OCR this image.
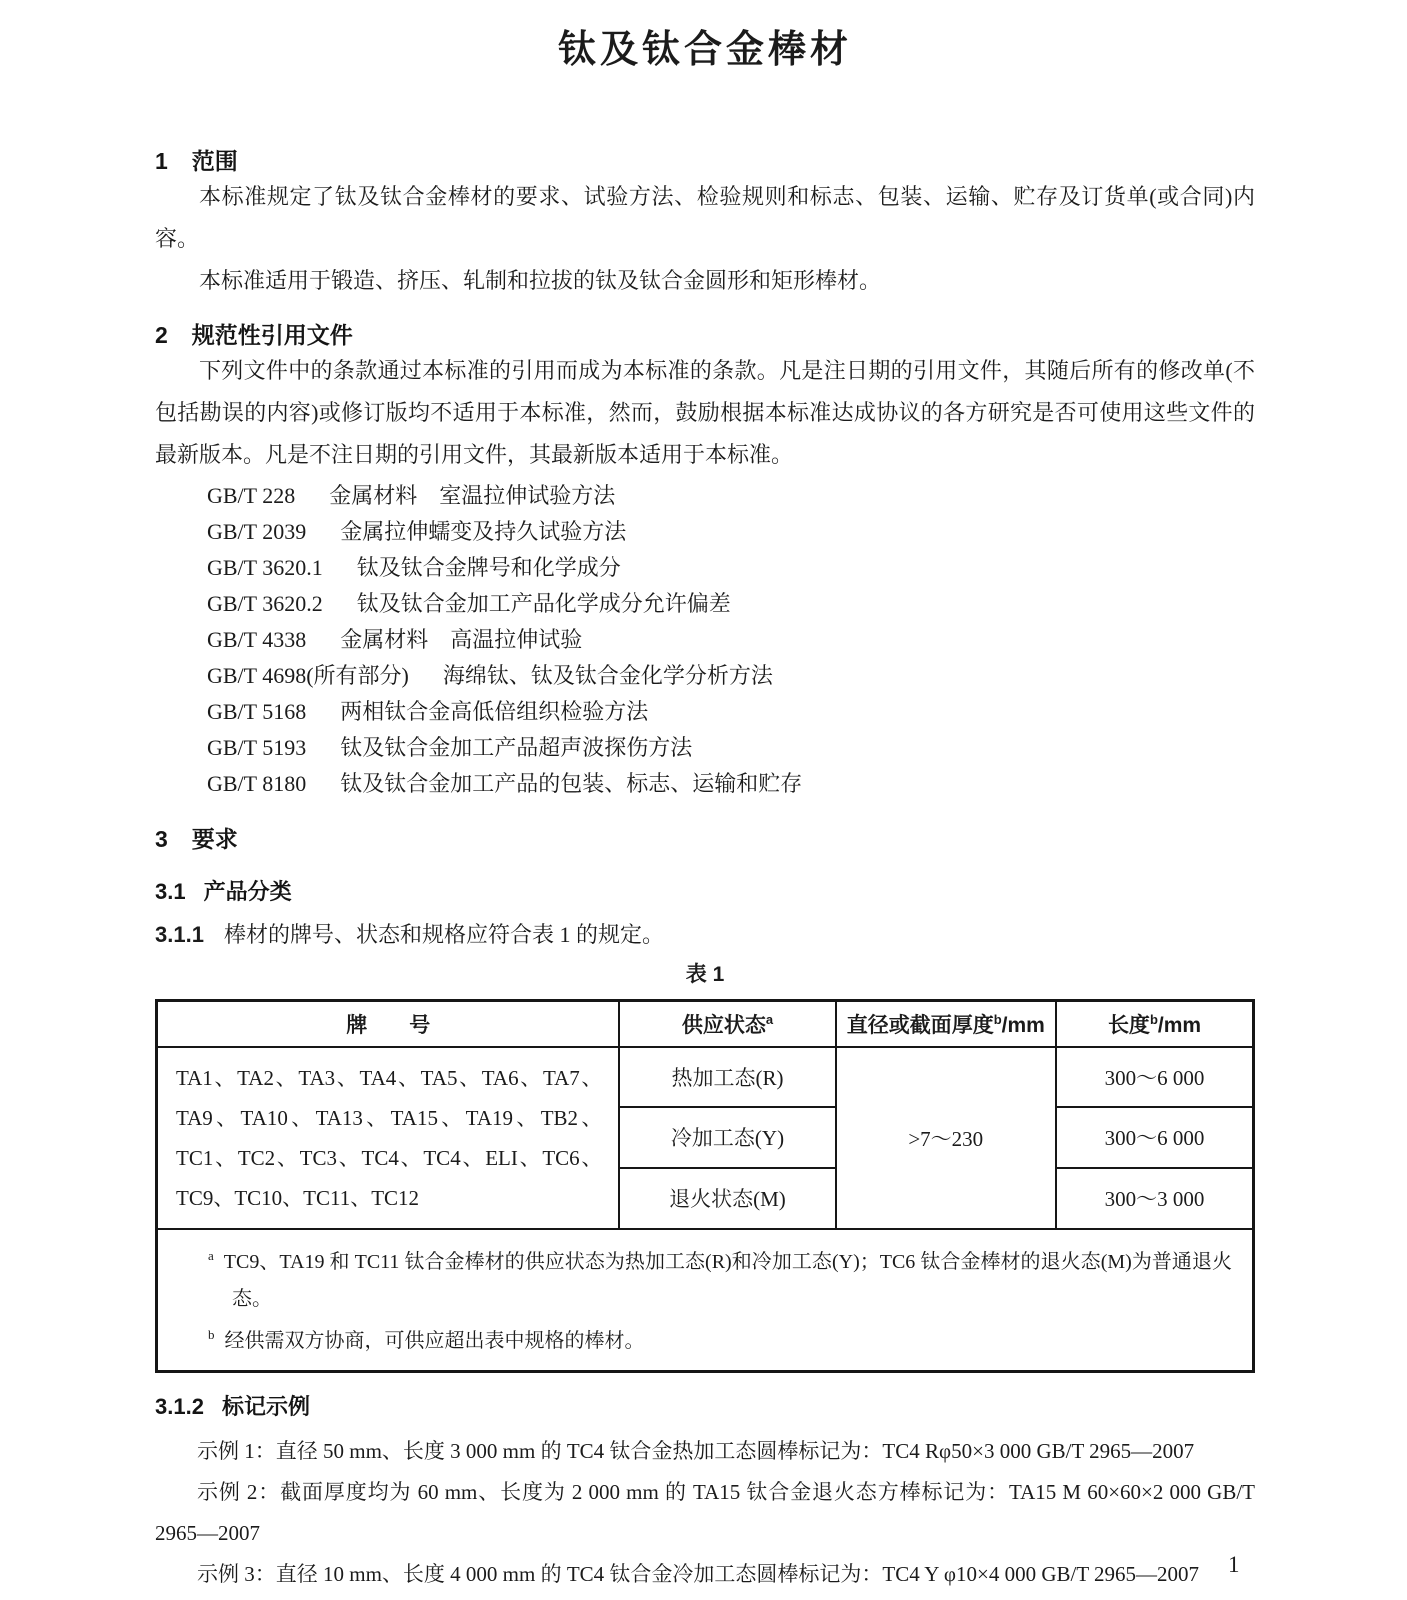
钛及钛合金棒材
1 范围

本标准规定了钛及钛合金棒材的要求、试验方法、检验规则和标志、包装、运输、贮存及订货单(或合同)内容。

本标准适用于锻造、挤压、轧制和拉拔的钛及钛合金圆形和矩形棒材。

2 规范性引用文件

下列文件中的条款通过本标准的引用而成为本标准的条款。凡是注日期的引用文件，其随后所有的修改单(不包括勘误的内容)或修订版均不适用于本标准，然而，鼓励根据本标准达成协议的各方研究是否可使用这些文件的最新版本。凡是不注日期的引用文件，其最新版本适用于本标准。

GB/T 228 金属材料　室温拉伸试验方法
GB/T 2039 金属拉伸蠕变及持久试验方法
GB/T 3620.1 钛及钛合金牌号和化学成分
GB/T 3620.2 钛及钛合金加工产品化学成分允许偏差
GB/T 4338 金属材料　高温拉伸试验
GB/T 4698(所有部分) 海绵钛、钛及钛合金化学分析方法
GB/T 5168 两相钛合金高低倍组织检验方法
GB/T 5193 钛及钛合金加工产品超声波探伤方法
GB/T 8180 钛及钛合金加工产品的包装、标志、运输和贮存
3 要求
3.1 产品分类
3.1.1 棒材的牌号、状态和规格应符合表 1 的规定。
表 1
牌　　号	供应状态$^a$	直径或截面厚度$^b$/mm	长度$^b$/mm
TA1、TA2、TA3、TA4、TA5、TA6、TA7、TA9、TA10、TA13、TA15、TA19、TB2、TC1、TC2、TC3、TC4、TC4、ELI、TC6、TC9、TC10、TC11、TC12	热加工态(R)	>7～230	300～6 000
	冷加工态(Y)		300～6 000
	退火状态(M)		300～3 000

$^a$ TC9、TA19 和 TC11 钛合金棒材的供应状态为热加工态(R)和冷加工态(Y)；TC6 钛合金棒材的退火态(M)为普通退火态。
$^b$ 经供需双方协商，可供应超出表中规格的棒材。			
3.1.2 标记示例

示例 1：直径 50 mm、长度 3 000 mm 的 TC4 钛合金热加工态圆棒标记为：TC4 Rφ50×3 000 GB/T 2965—2007

示例 2：截面厚度均为 60 mm、长度为 2 000 mm 的 TA15 钛合金退火态方棒标记为：TA15 M 60×60×2 000 GB/T 2965—2007

示例 3：直径 10 mm、长度 4 000 mm 的 TC4 钛合金冷加工态圆棒标记为：TC4 Y φ10×4 000 GB/T 2965—2007	1
